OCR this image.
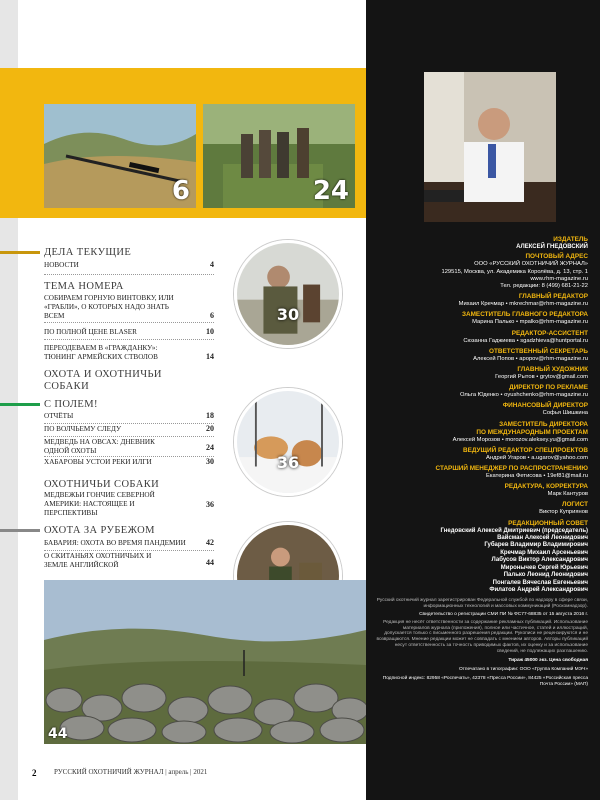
СОДЕРЖАНИЕ
6	24
30
36
ДЕЛА ТЕКУЩИЕ
НОВОСТИ	4
ТЕМА НОМЕРА
СОБИРАЕМ ГОРНУЮ ВИНТОВКУ, ИЛИ «ГРАБЛИ», О КОТОРЫХ НАДО ЗНАТЬ ВСЕМ	6
ПО ПОЛНОЙ ЦЕНЕ BLASER	10
ПЕРЕОДЕВАЕМ В «ГРАЖДАНКУ»: ТЮНИНГ АРМЕЙСКИХ СТВОЛОВ	14
ОХОТА И ОХОТНИЧЬИ СОБАКИ
С ПОЛЕМ!
ОТЧЁТЫ	18
ПО ВОЛЧЬЕМУ СЛЕДУ	20
МЕДВЕДЬ НА ОВСАХ: ДНЕВНИК ОДНОЙ ОХОТЫ	24
ХАБАРОВЫ УСТОИ РЕКИ ИЛГИ	30
ОХОТНИЧЬИ СОБАКИ
МЕДВЕЖЬИ ГОНЧИЕ СЕВЕРНОЙ АМЕРИКИ: НАСТОЯЩЕЕ И ПЕРСПЕКТИВЫ
36
ОХОТА ЗА РУБЕЖОМ
БАВАРИЯ: ОХОТА ВО ВРЕМЯ ПАНДЕМИИ	42
О СКИТАНЬЯХ ОХОТНИЧЬИХ И ЗЕМЛЕ АНГЛИЙСКОЙ	44
44
2	РУССКИЙ ОХОТНИЧИЙ ЖУРНАЛ | апрель | 2021
ИЗДАТЕЛЬ
АЛЕКСЕЙ ГНЕДОВСКИЙ
ПОЧТОВЫЙ АДРЕС
ООО «РУССКИЙ ОХОТНИЧИЙ ЖУРНАЛ»
129515, Москва, ул. Академика Королёва, д. 13, стр. 1
www.rhm-magazine.ru
Тел. редакции: 8 (499) 681-21-22
ГЛАВНЫЙ РЕДАКТОР
Михаил Кречмар • mkrechmar@rhm-magazine.ru
ЗАМЕСТИТЕЛЬ ГЛАВНОГО РЕДАКТОРА
Марина Палько • mpalko@rhm-magazine.ru
РЕДАКТОР-АССИСТЕНТ
Сюзанна Гаджиева • sgadzhieva@huntportal.ru
ОТВЕТСТВЕННЫЙ СЕКРЕТАРЬ
Алексей Попов • apopov@rhm-magazine.ru
ГЛАВНЫЙ ХУДОЖНИК
Георгий Рытов • grytov@gmail.com
ДИРЕКТОР ПО РЕКЛАМЕ
Ольга Юденко • oyushchenko@rhm-magazine.ru
ФИНАНСОВЫЙ ДИРЕКТОР
Софья Шишкина
ЗАМЕСТИТЕЛЬ ДИРЕКТОРА
ПО МЕЖДУНАРОДНЫМ ПРОЕКТАМ
Алексей Морозов • morozov.aleksey.yu@gmail.com
ВЕДУЩИЙ РЕДАКТОР СПЕЦПРОЕКТОВ
Андрей Угаров • a.ugarov@yahoo.com
СТАРШИЙ МЕНЕДЖЕР ПО РАСПРОСТРАНЕНИЮ
Екатерина Фетисова • 19ef81@mail.ru
РЕДАКТУРА, КОРРЕКТУРА
Марк Кантуров
ЛОГИСТ
Виктор Куприянов
РЕДАКЦИОННЫЙ СОВЕТ
Гнедовский Алексей Дмитриевич (председатель)
Вайсман Алексей Леонидович
Губарев Владимир Владимирович
Кречмар Михаил Арсеньевич
Лабусов Виктор Александрович
Миронычев Сергей Юрьевич
Палько Леонид Леонидович
Понгалев Вячеслав Евгеньевич
Филатов Андрей Александрович
Русский охотничий журнал зарегистрирован Федеральной службой по надзору в сфере связи, информационных технологий и массовых коммуникаций (Роскомнадзор).
Свидетельство о регистрации СМИ ПИ № ФС77-68835 от 15 августа 2016 г.
Редакция не несёт ответственности за содержание рекламных публикаций. Использование материалов журнала (приложения), полное или частичное, статей и иллюстраций, допускается только с письменного разрешения редакции. Рукописи не рецензируются и не возвращаются. Мнение редакции может не совпадать с мнением авторов. Авторы публикаций несут ответственность за точность приводимых фактов, их оценку и за использование сведений, не подлежащих разглашению.
Тираж 45000 экз. Цена свободная
Отпечатано в типографии: ООО «Группа Компаний МЭЧ»
Подписной индекс: 82958 «Роспечать», 42378 «Пресса России», 84425 «Российская пресса Почта России» (МАП)
